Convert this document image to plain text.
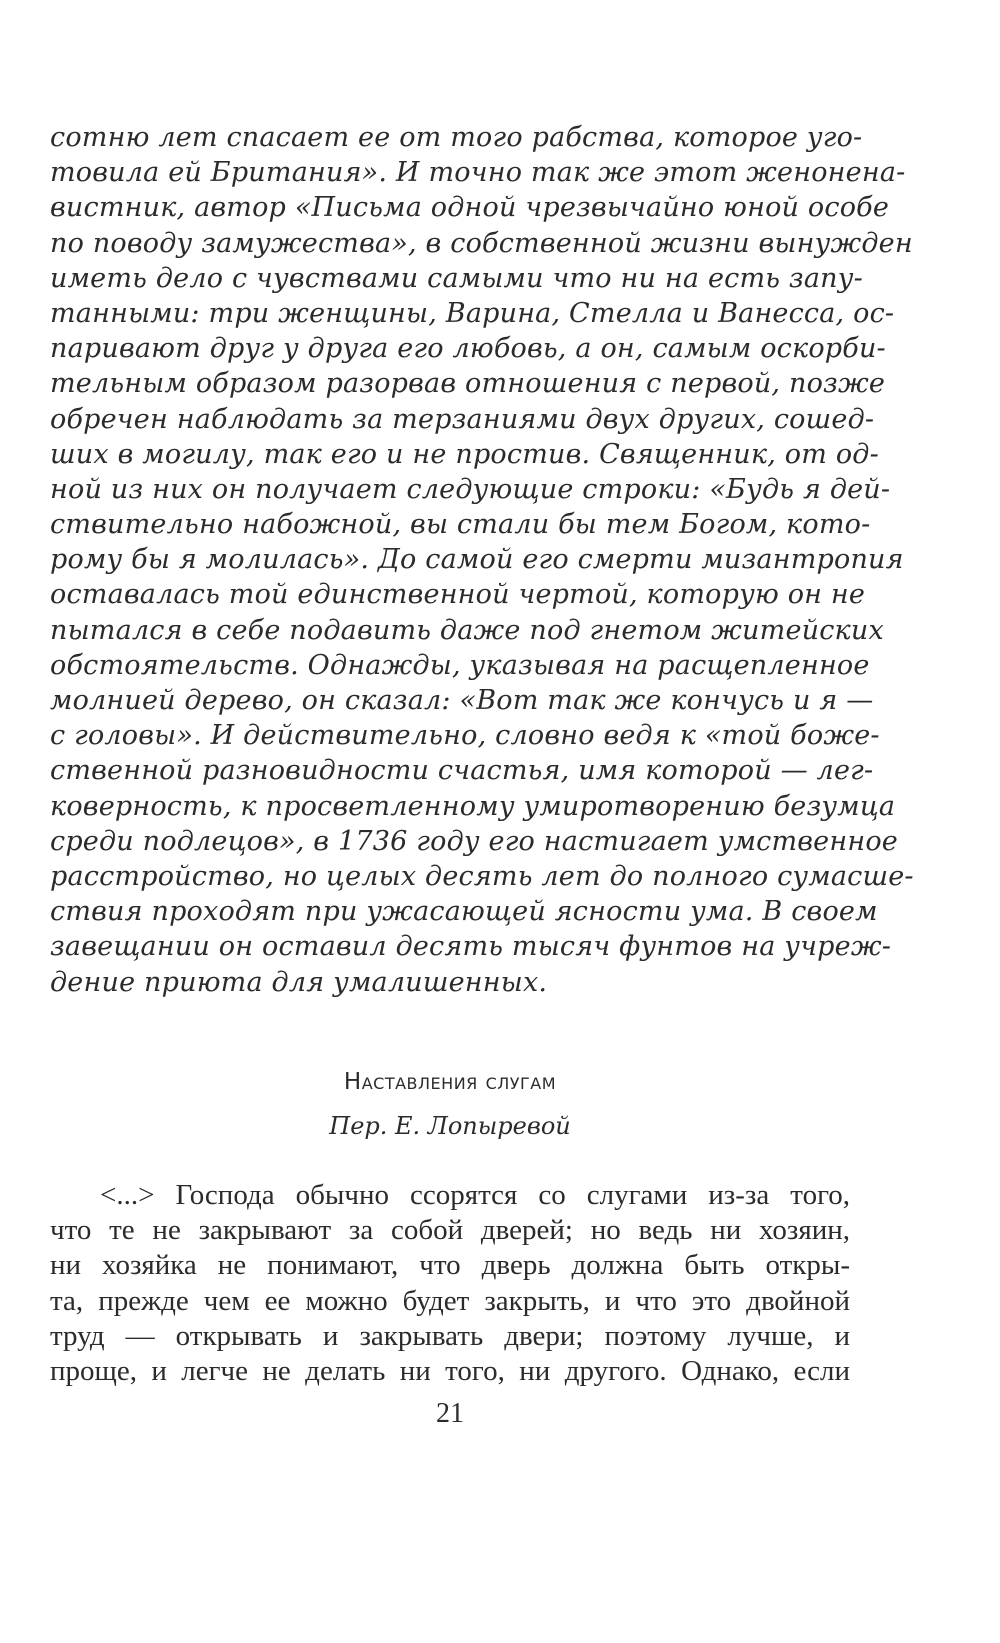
сотню лет спасает ее от того рабства, которое уго-
товила ей Британия». И точно так же этот женонена-
вистник, автор «Письма одной чрезвычайно юной особе
по поводу замужества», в собственной жизни вынужден
иметь дело с чувствами самыми что ни на есть запу-
танными: три женщины, Варина, Стелла и Ванесса, ос-
паривают друг у друга его любовь, а он, самым оскорби-
тельным образом разорвав отношения с первой, позже
обречен наблюдать за терзаниями двух других, сошед-
ших в могилу, так его и не простив. Священник, от од-
ной из них он получает следующие строки: «Будь я дей-
ствительно набожной, вы стали бы тем Богом, кото-
рому бы я молилась». До самой его смерти мизантропия
оставалась той единственной чертой, которую он не
пытался в себе подавить даже под гнетом житейских
обстоятельств. Однажды, указывая на расщепленное
молнией дерево, он сказал: «Вот так же кончусь и я —
с головы». И действительно, словно ведя к «той боже-
ственной разновидности счастья, имя которой — лег-
коверность, к просветленному умиротворению безумца
среди подлецов», в 1736 году его настигает умственное
расстройство, но целых десять лет до полного сумасше-
ствия проходят при ужасающей ясности ума. В своем
завещании он оставил десять тысяч фунтов на учреж-
дение приюта для умалишенных.
Наставления слугам
Пер. Е. Лопыревой
<...> Господа обычно ссорятся со слугами из-за того,
что те не закрывают за собой дверей; но ведь ни хозяин,
ни хозяйка не понимают, что дверь должна быть откры-
та, прежде чем ее можно будет закрыть, и что это двойной
труд — открывать и закрывать двери; поэтому лучше, и
проще, и легче не делать ни того, ни другого. Однако, если
21
